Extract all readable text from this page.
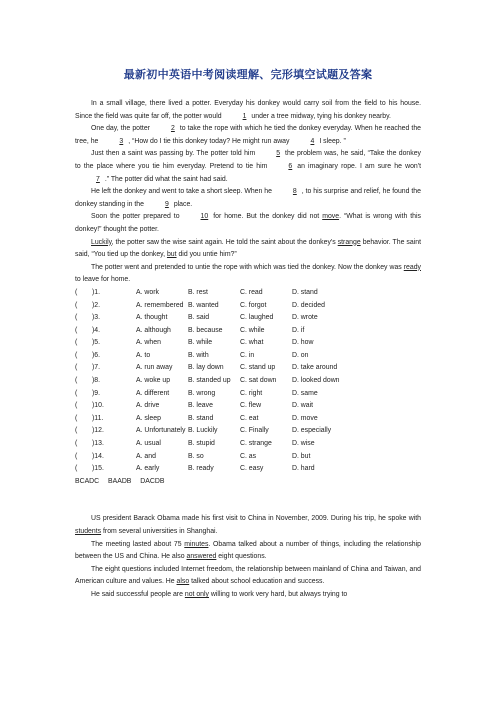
最新初中英语中考阅读理解、完形填空试题及答案

In a small village, there lived a potter. Everyday his donkey would carry soil from the field to his house. Since the field was quite far off, the potter would	1 under a tree midway, tying his donkey nearby.

One day, the potter	2 to take the rope with which he tied the donkey everyday. When he reached the tree, he	3 , “How do I tie this donkey today? He might run away	4 I sleep. ”

Just then a saint was passing by. The potter told him	5 the problem was, he said, “Take the donkey to the place where you tie him everyday. Pretend to tie him	6 an imaginary rope. I am sure he won't7 .” The potter did what the saint had said.

He left the donkey and went to take a short sleep. When he	8 , to his surprise and relief, he found the donkey standing in the	9 place.

Soon the potter prepared to	10 for home. But the donkey did not move. “What is wrong with this donkey!” thought the potter.

Luckily, the potter saw the wise saint again. He told the saint about the donkey's strange behavior. The saint said, “You tied up the donkey, but did you untie him?”

The potter went and pretended to untie the rope with which was tied the donkey. Now the donkey was ready to leave for home.

(	)1.	A. work	B. rest	C. read	D. stand
(	)2.	A. remembered B. wanted	C. forgot	D. decided
(	)3.	A. thought	B. said	C. laughed	D. wrote
(	)4.	A. although	B. because	C. while	D. if
(	)5.	A. when	B. while	C. what	D. how
(	)6.	A. to	B. with	C. in	D. on
(	)7.	A. run away	B. lay down	C. stand up	D. take around
(	)8.	A. woke up	B. standed up	C. sat down	D. looked down
(	)9.	A. different	B. wrong	C. right	D. same
(	)10.	A. drive	B. leave	C. flew	D. wait
(	)11.	A. sleep	B. stand	C. eat	D. move
(	)12.	A. Unfortunately B. Luckily	C. Finally	D. especially
(	)13.	A. usual	B. stupid	C. strange	D. wise
(	)14.	A. and	B. so	C. as	D. but
(	)15.	A. early	B. ready	C. easy	D. hard
BCADC BAADB DACDB

US president Barack Obama made his first visit to China in November, 2009. During his trip, he spoke with students from several universities in Shanghai.

The meeting lasted about 75 minutes. Obama talked about a number of things, including the relationship between the US and China. He also answered eight questions.

The eight questions included Internet freedom, the relationship between mainland of China and Taiwan, and American culture and values. He also talked about school education and success.

He said successful people are not only willing to work very hard, but always trying to
